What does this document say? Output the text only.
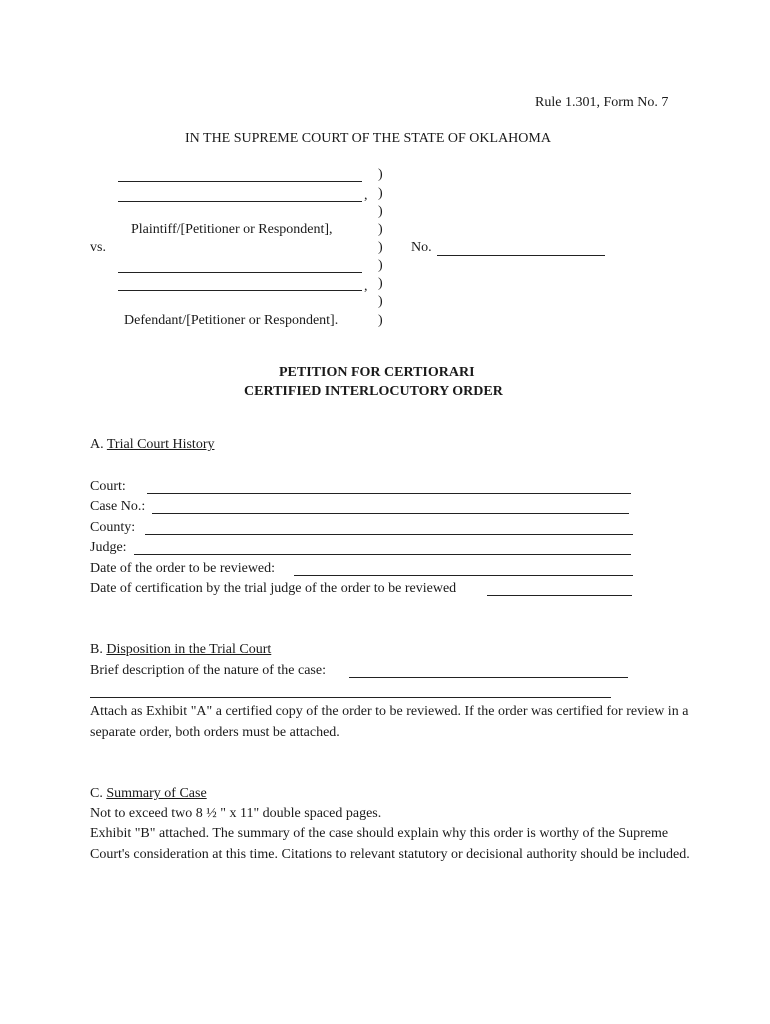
Rule 1.301, Form No. 7
IN THE SUPREME COURT OF THE STATE OF OKLAHOMA
,
Plaintiff/[Petitioner or Respondent],
vs.
,
Defendant/[Petitioner or Respondent].
)
)
)
)
)
)
)
)
)
No.
PETITION FOR CERTIORARI
CERTIFIED INTERLOCUTORY ORDER
A. Trial Court History
Court:
Case No.:
County:
Judge:
Date of the order to be reviewed:
Date of certification by the trial judge of the order to be reviewed
B. Disposition in the Trial Court
Brief description of the nature of the case:
Attach as Exhibit "A" a certified copy of the order to be reviewed. If the order was certified for review in a separate order, both orders must be attached.
C. Summary of Case
Not to exceed two 8 ½ " x 11" double spaced pages.
Exhibit "B" attached. The summary of the case should explain why this order is worthy of the Supreme Court's consideration at this time. Citations to relevant statutory or decisional authority should be included.
